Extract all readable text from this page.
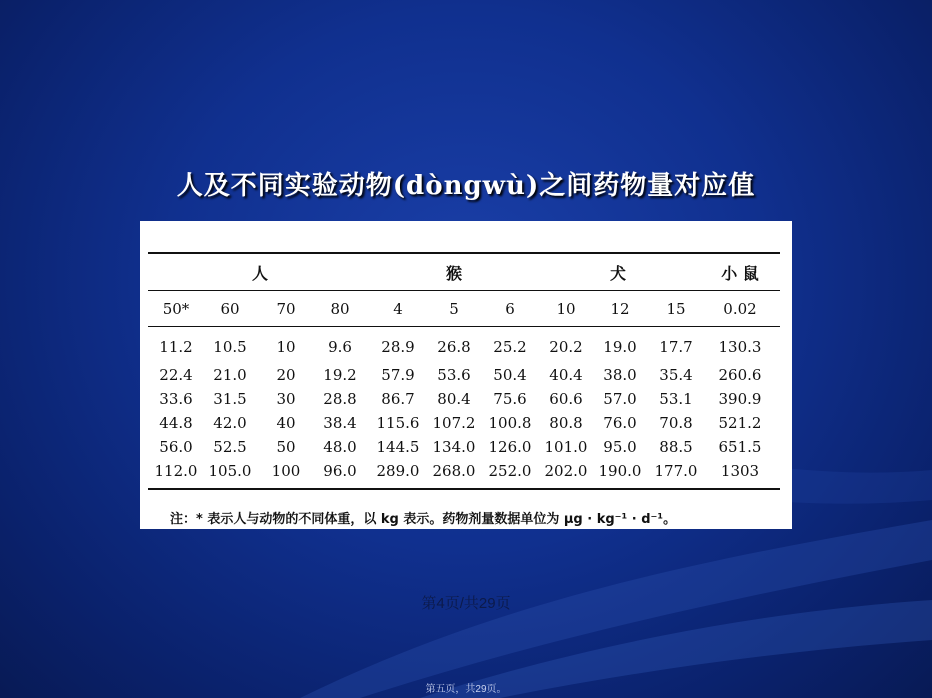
人及不同实验动物(dòngwù)之间药物量对应值
人	猴	犬	小 鼠
50*	60	70	80	4	5	6	10	12	15	0.02
11.2	10.5	10	9.6	28.9	26.8	25.2	20.2	19.0	17.7	130.3
22.4	21.0	20	19.2	57.9	53.6	50.4	40.4	38.0	35.4	260.6
33.6	31.5	30	28.8	86.7	80.4	75.6	60.6	57.0	53.1	390.9
44.8	42.0	40	38.4	115.6 107.2 100.8	80.8	76.0	70.8	521.2
56.0	52.5	50	48.0	144.5 134.0 126.0 101.0	95.0	88.5	651.5
112.0 105.0	100	96.0	289.0 268.0 252.0 202.0 190.0 177.0	1303
注：* 表示人与动物的不同体重，以 kg 表示。药物剂量数据单位为 μg · kg⁻¹ · d⁻¹。
第4页/共29页
第五页，共29页。
